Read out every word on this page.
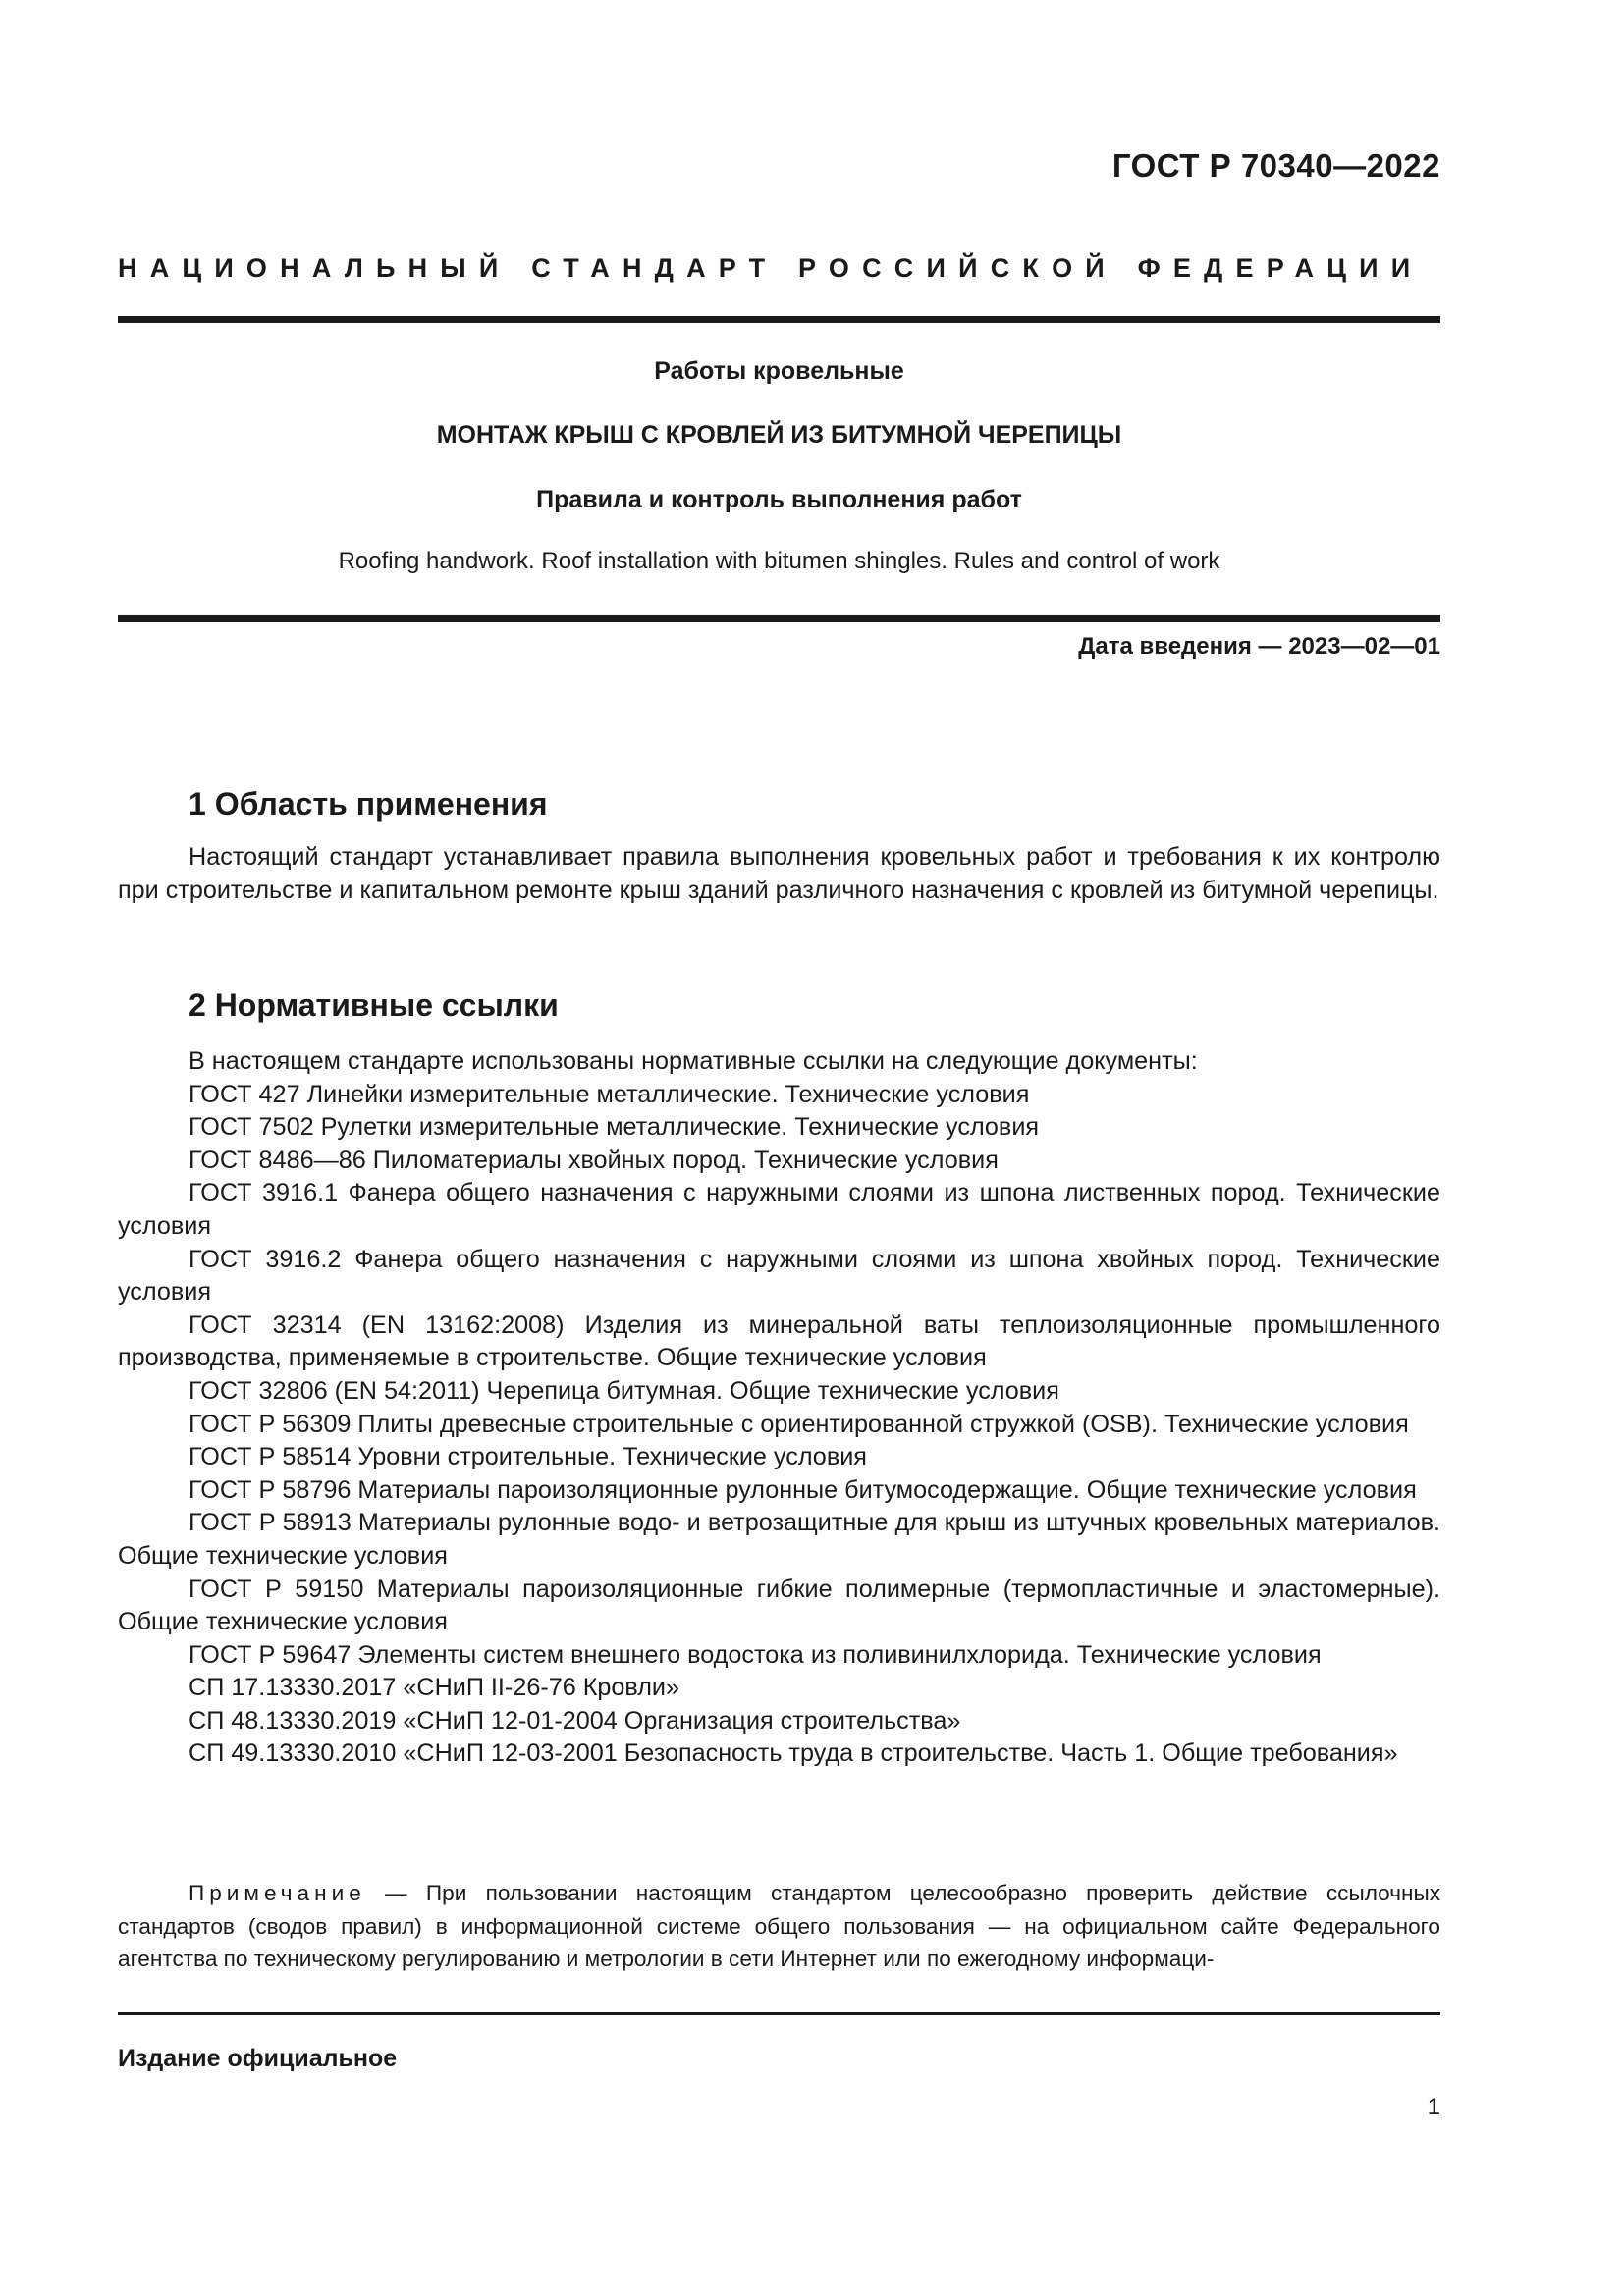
ГОСТ Р 70340—2022
НАЦИОНАЛЬНЫЙ СТАНДАРТ РОССИЙСКОЙ ФЕДЕРАЦИИ
Работы кровельные
МОНТАЖ КРЫШ С КРОВЛЕЙ ИЗ БИТУМНОЙ ЧЕРЕПИЦЫ
Правила и контроль выполнения работ
Roofing handwork. Roof installation with bitumen shingles. Rules and control of work
Дата введения — 2023—02—01
1 Область применения

Настоящий стандарт устанавливает правила выполнения кровельных работ и требования к их контролю при строительстве и капитальном ремонте крыш зданий различного назначения с кровлей из битумной черепицы.

2 Нормативные ссылки

В настоящем стандарте использованы нормативные ссылки на следующие документы:

ГОСТ 427 Линейки измерительные металлические. Технические условия

ГОСТ 7502 Рулетки измерительные металлические. Технические условия

ГОСТ 8486—86 Пиломатериалы хвойных пород. Технические условия

ГОСТ 3916.1 Фанера общего назначения с наружными слоями из шпона лиственных пород. Технические условия

ГОСТ 3916.2 Фанера общего назначения с наружными слоями из шпона хвойных пород. Технические условия

ГОСТ 32314 (EN 13162:2008) Изделия из минеральной ваты теплоизоляционные промышленного производства, применяемые в строительстве. Общие технические условия

ГОСТ 32806 (EN 54:2011) Черепица битумная. Общие технические условия

ГОСТ Р 56309 Плиты древесные строительные с ориентированной стружкой (OSB). Технические условия

ГОСТ Р 58514 Уровни строительные. Технические условия

ГОСТ Р 58796 Материалы пароизоляционные рулонные битумосодержащие. Общие технические условия

ГОСТ Р 58913 Материалы рулонные водо- и ветрозащитные для крыш из штучных кровельных материалов. Общие технические условия

ГОСТ Р 59150 Материалы пароизоляционные гибкие полимерные (термопластичные и эластомерные). Общие технические условия

ГОСТ Р 59647 Элементы систем внешнего водостока из поливинилхлорида. Технические условия

СП 17.13330.2017 «СНиП II-26-76 Кровли»

СП 48.13330.2019 «СНиП 12-01-2004 Организация строительства»

СП 49.13330.2010 «СНиП 12-03-2001 Безопасность труда в строительстве. Часть 1. Общие требования»

Примечание — При пользовании настоящим стандартом целесообразно проверить действие ссылочных стандартов (сводов правил) в информационной системе общего пользования — на официальном сайте Федерального агентства по техническому регулированию и метрологии в сети Интернет или по ежегодному информаци-

Издание официальное
1
